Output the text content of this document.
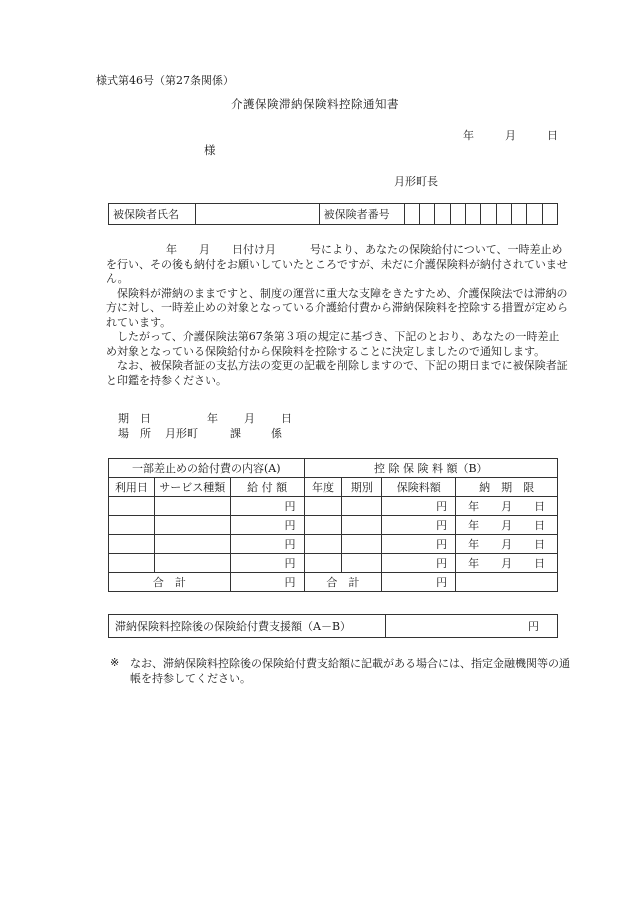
様式第46号（第27条関係）
介護保険滞納保険料控除通知書
年	月	日
様
月形町長
被保険者氏名		被保険者番号										

年 月 日付け月	号により、あなたの保険給付について、一時差止めを行い、その後も納付をお願いしていたところですが、未だに介護保険料が納付されていません。

保険料が滞納のままですと、制度の運営に重大な支障をきたすため、介護保険法では滞納の方に対し、一時差止めの対象となっている介護給付費から滞納保険料を控除する措置が定められています。

したがって、介護保険法第67条第３項の規定に基づき、下記のとおり、あなたの一時差止め対象となっている保険給付から保険料を控除することに決定しましたので通知します。

なお、被保険者証の支払方法の変更の記載を削除しますので、下記の期日までに被保険者証と印鑑を持参ください。

期　日	年 月 日
場　所 月形町	課	係
一部差止めの給付費の内容(A)			控 除 保 険 料 額（B）			
利用日	サービス種類	給 付 額	年度	期別	保険料額	納　期　限
		円			円	年 月 日
		円			円	年 月 日
		円			円	年 月 日
		円			円	年 月 日
合　計		円	合　計		円	
滞納保険料控除後の保険給付費支援額（A－B）	円
※ なお、滞納保険料控除後の保険給付費支給額に記載がある場合には、指定金融機関等の通帳を持参してください。
